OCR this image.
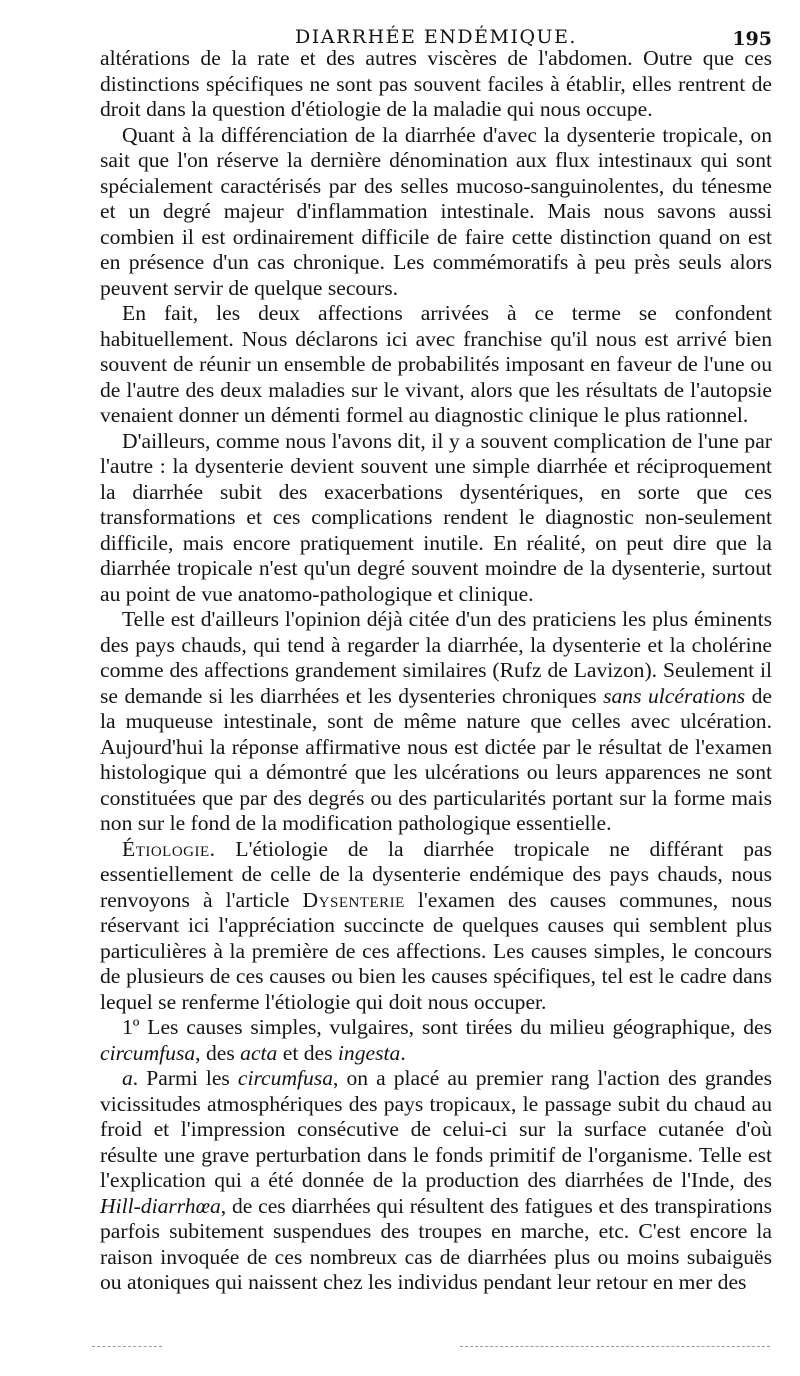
DIARRHÉE ENDÉMIQUE.	195

altérations de la rate et des autres viscères de l'abdomen. Outre que ces distinctions spécifiques ne sont pas souvent faciles à établir, elles rentrent de droit dans la question d'étiologie de la maladie qui nous occupe.

Quant à la différenciation de la diarrhée d'avec la dysenterie tropicale, on sait que l'on réserve la dernière dénomination aux flux intestinaux qui sont spécialement caractérisés par des selles mucoso-sanguinolentes, du ténesme et un degré majeur d'inflammation intestinale. Mais nous savons aussi combien il est ordinairement difficile de faire cette distinction quand on est en présence d'un cas chronique. Les commémoratifs à peu près seuls alors peuvent servir de quelque secours.

En fait, les deux affections arrivées à ce terme se confondent habituellement. Nous déclarons ici avec franchise qu'il nous est arrivé bien souvent de réunir un ensemble de probabilités imposant en faveur de l'une ou de l'autre des deux maladies sur le vivant, alors que les résultats de l'autopsie venaient donner un démenti formel au diagnostic clinique le plus rationnel.

D'ailleurs, comme nous l'avons dit, il y a souvent complication de l'une par l'autre : la dysenterie devient souvent une simple diarrhée et réciproquement la diarrhée subit des exacerbations dysentériques, en sorte que ces transformations et ces complications rendent le diagnostic non-seulement difficile, mais encore pratiquement inutile. En réalité, on peut dire que la diarrhée tropicale n'est qu'un degré souvent moindre de la dysenterie, surtout au point de vue anatomo-pathologique et clinique.

Telle est d'ailleurs l'opinion déjà citée d'un des praticiens les plus éminents des pays chauds, qui tend à regarder la diarrhée, la dysenterie et la cholérine comme des affections grandement similaires (Rufz de Lavizon). Seulement il se demande si les diarrhées et les dysenteries chroniques sans ulcérations de la muqueuse intestinale, sont de même nature que celles avec ulcération. Aujourd'hui la réponse affirmative nous est dictée par le résultat de l'examen histologique qui a démontré que les ulcérations ou leurs apparences ne sont constituées que par des degrés ou des particularités portant sur la forme mais non sur le fond de la modification pathologique essentielle.

Étiologie. L'étiologie de la diarrhée tropicale ne différant pas essentiellement de celle de la dysenterie endémique des pays chauds, nous renvoyons à l'article Dysenterie l'examen des causes communes, nous réservant ici l'appréciation succincte de quelques causes qui semblent plus particulières à la première de ces affections. Les causes simples, le concours de plusieurs de ces causes ou bien les causes spécifiques, tel est le cadre dans lequel se renferme l'étiologie qui doit nous occuper.

1º Les causes simples, vulgaires, sont tirées du milieu géographique, des circumfusa, des acta et des ingesta.

a. Parmi les circumfusa, on a placé au premier rang l'action des grandes vicissitudes atmosphériques des pays tropicaux, le passage subit du chaud au froid et l'impression consécutive de celui-ci sur la surface cutanée d'où résulte une grave perturbation dans le fonds primitif de l'organisme. Telle est l'explication qui a été donnée de la production des diarrhées de l'Inde, des Hill-diarrhœa, de ces diarrhées qui résultent des fatigues et des transpirations parfois subitement suspendues des troupes en marche, etc. C'est encore la raison invoquée de ces nombreux cas de diarrhées plus ou moins subaiguës ou atoniques qui naissent chez les individus pendant leur retour en mer des
